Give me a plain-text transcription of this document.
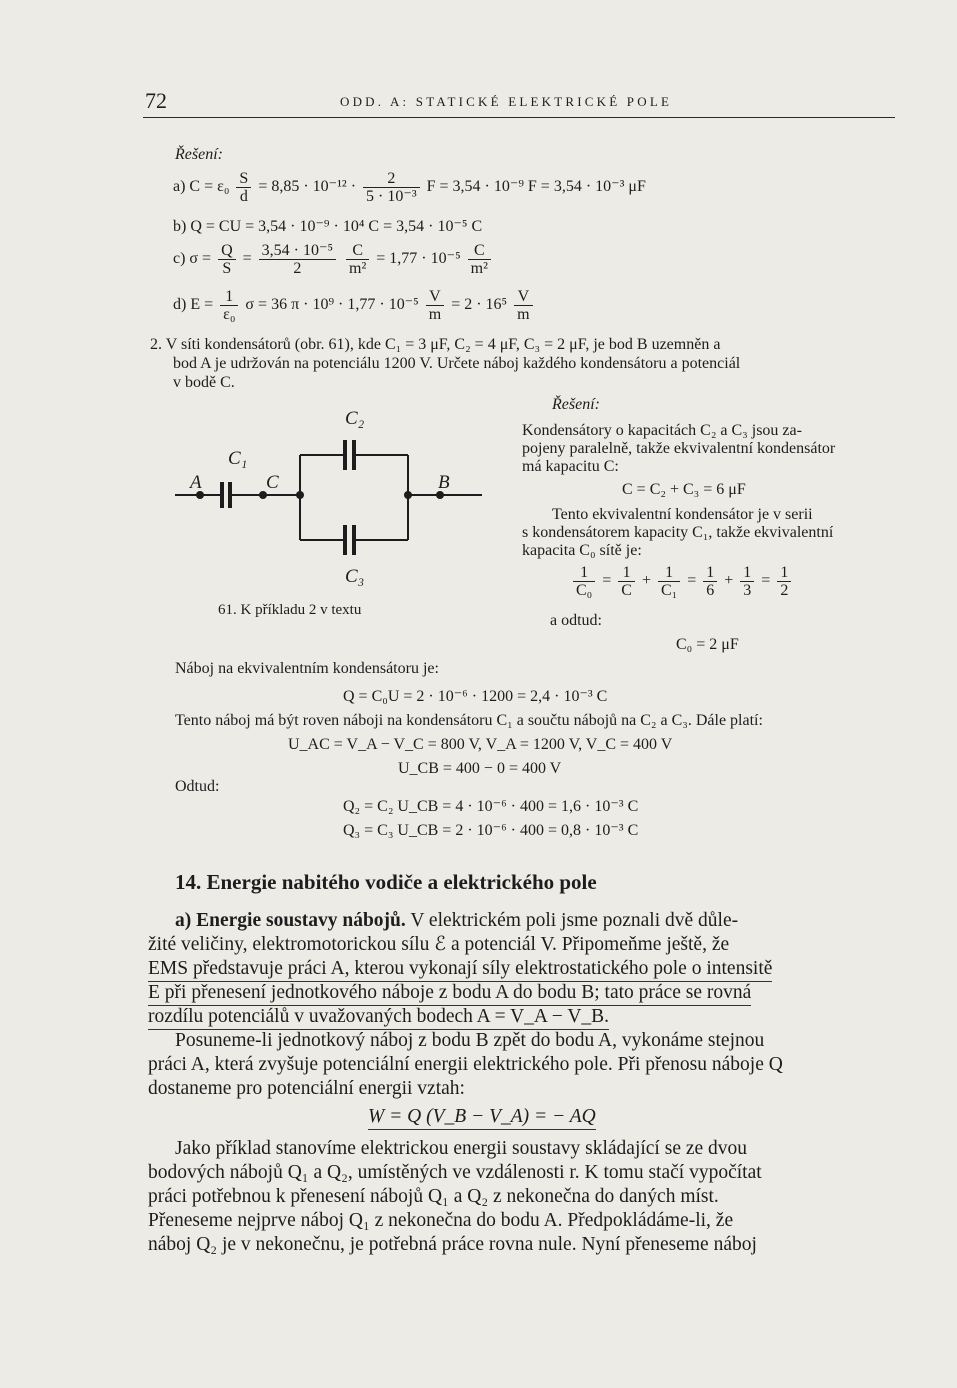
72	ODD. A: STATICKÉ ELEKTRICKÉ POLE
Řešení:
a) $C = \varepsilon_0 \frac{S}{d} = 8,85 \cdot 10^{-12} \cdot \frac{2}{\text{5 · 10⁻³}}$ F = 3,54 · 10⁻⁹ F = 3,54 · 10⁻³ μF
b) Q = CU = 3,54 · 10⁻⁹ · 10⁴ C = 3,54 · 10⁻⁵ C
c) $\sigma = \frac{Q}{S} = \frac{\text{3,54 · 10⁻⁵}}{2}$
$\frac{C}{\text{m²}} = 1,77 \cdot 10^{-5} \frac{C}{\text{m²}}$
d) $E = \frac{1}{\text{ε₀}}$ σ = 36 $\pi \cdot 10^9 \cdot 1,77 \cdot 10^{-5} \frac{V}{m} = 2 \cdot 16^5 \frac{V}{m}$
2. V síti kondensátorů (obr. 61), kde C₁ = 3 μF, C₂ = 4 μF, C₃ = 2 μF, je bod B uzemněn a
bod A je udržován na potenciálu 1200 V. Určete náboj každého kondensátoru a potenciál
v bodě C.
C₂
C₁
A	C	B
C₃
61. K příkladu 2 v textu
Řešení:
Kondensátory o kapacitách C₂ a C₃ jsou za-
pojeny paralelně, takže ekvivalentní kondensátor
má kapacitu C:
C = C₂ + C₃ = 6 μF
Tento ekvivalentní kondensátor je v serii
s kondensátorem kapacity C₁, takže ekvivalentní
kapacita C₀ sítě je:
$\frac{1}{\text{C₀}} = \frac{1}{C} + \frac{1}{\text{C₁}} = \frac{1}{6} + \frac{1}{3} = \frac{1}{2}$
a odtud:
C₀ = 2 μF
Náboj na ekvivalentním kondensátoru je:
Q = C₀U = 2 · 10⁻⁶ · 1200 = 2,4 · 10⁻³ C
Tento náboj má být roven náboji na kondensátoru C₁ a součtu nábojů na C₂ a C₃. Dále platí:
U_AC = V_A − V_C = 800 V, V_A = 1200 V, V_C = 400 V
U_CB = 400 − 0 = 400 V
Odtud:
Q₂ = C₂ U_CB = 4 · 10⁻⁶ · 400 = 1,6 · 10⁻³ C
Q₃ = C₃ U_CB = 2 · 10⁻⁶ · 400 = 0,8 · 10⁻³ C
14. Energie nabitého vodiče a elektrického pole
a) Energie soustavy nábojů. V elektrickém poli jsme poznali dvě důle-
žité veličiny, elektromotorickou sílu ℰ a potenciál V. Připomeňme ještě, že
EMS představuje práci A, kterou vykonají síly elektrostatického pole o intensitě
E při přenesení jednotkového náboje z bodu A do bodu B; tato práce se rovná
rozdílu potenciálů v uvažovaných bodech A = V_A − V_B.
Posuneme-li jednotkový náboj z bodu B zpět do bodu A, vykonáme stejnou
práci A, která zvyšuje potenciální energii elektrického pole. Při přenosu náboje Q
dostaneme pro potenciální energii vztah:
W = Q (V_B − V_A) = − AQ
Jako příklad stanovíme elektrickou energii soustavy skládající se ze dvou
bodových nábojů Q₁ a Q₂, umístěných ve vzdálenosti r. K tomu stačí vypočítat
práci potřebnou k přenesení nábojů Q₁ a Q₂ z nekonečna do daných míst.
Přeneseme nejprve náboj Q₁ z nekonečna do bodu A. Předpokládáme-li, že
náboj Q₂ je v nekonečnu, je potřebná práce rovna nule. Nyní přeneseme náboj
